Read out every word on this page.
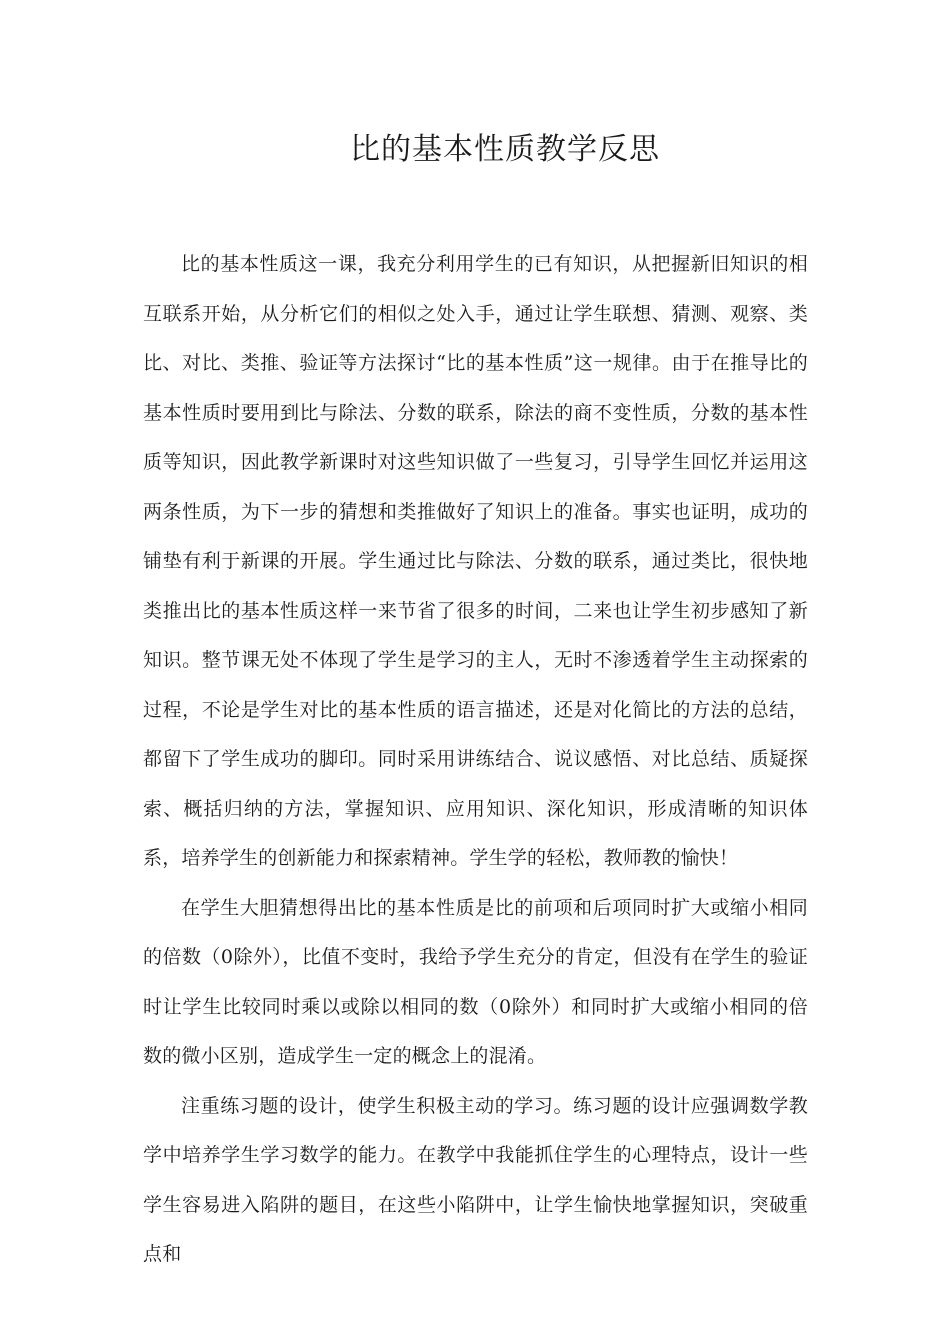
比的基本性质教学反思

比的基本性质这一课，我充分利用学生的已有知识，从把握新旧知识的相互联系开始，从分析它们的相似之处入手，通过让学生联想、猜测、观察、类比、对比、类推、验证等方法探讨“比的基本性质”这一规律。由于在推导比的基本性质时要用到比与除法、分数的联系，除法的商不变性质，分数的基本性质等知识，因此教学新课时对这些知识做了一些复习，引导学生回忆并运用这两条性质，为下一步的猜想和类推做好了知识上的准备。事实也证明，成功的铺垫有利于新课的开展。学生通过比与除法、分数的联系，通过类比，很快地类推出比的基本性质这样一来节省了很多的时间，二来也让学生初步感知了新知识。整节课无处不体现了学生是学习的主人，无时不渗透着学生主动探索的过程，不论是学生对比的基本性质的语言描述，还是对化简比的方法的总结，都留下了学生成功的脚印。同时采用讲练结合、说议感悟、对比总结、质疑探索、概括归纳的方法，掌握知识、应用知识、深化知识，形成清晰的知识体系，培养学生的创新能力和探索精神。学生学的轻松，教师教的愉快！

在学生大胆猜想得出比的基本性质是比的前项和后项同时扩大或缩小相同的倍数（0除外），比值不变时，我给予学生充分的肯定，但没有在学生的验证时让学生比较同时乘以或除以相同的数（0除外）和同时扩大或缩小相同的倍数的微小区别，造成学生一定的概念上的混淆。

注重练习题的设计，使学生积极主动的学习。练习题的设计应强调数学教学中培养学生学习数学的能力。在教学中我能抓住学生的心理特点，设计一些学生容易进入陷阱的题目，在这些小陷阱中，让学生愉快地掌握知识，突破重点和
